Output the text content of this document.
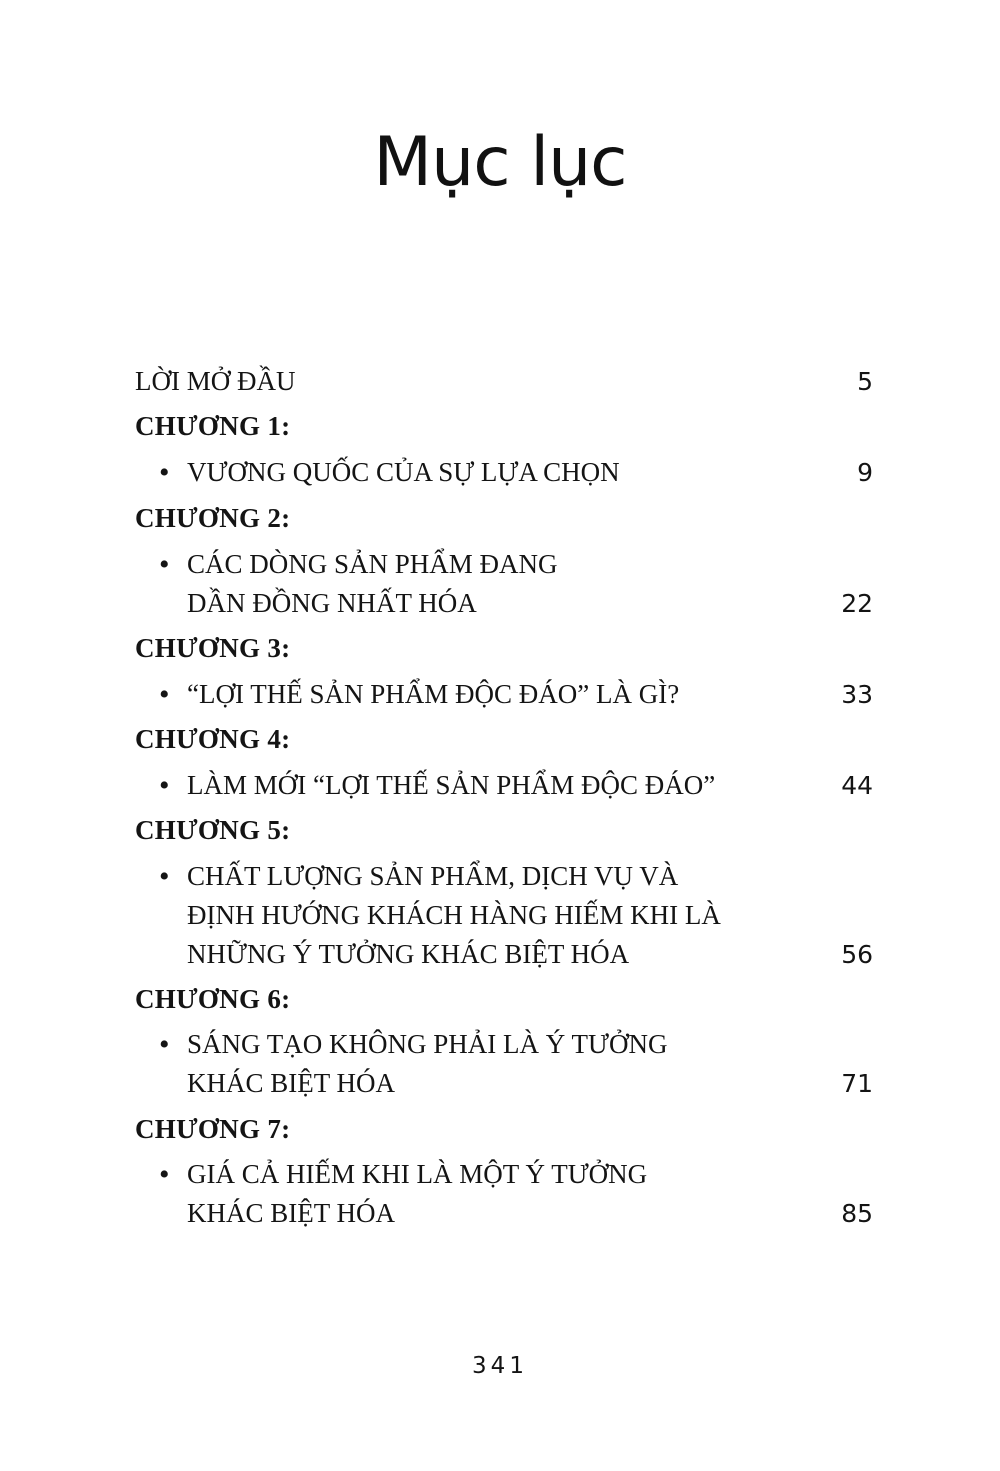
Mục lục
LỜI MỞ ĐẦU	5
CHƯƠNG 1:
• VƯƠNG QUỐC CỦA SỰ LỰA CHỌN	9
CHƯƠNG 2:
• CÁC DÒNG SẢN PHẨM ĐANG
DẦN ĐỒNG NHẤT HÓA	22
CHƯƠNG 3:
• “LỢI THẾ SẢN PHẨM ĐỘC ĐÁO” LÀ GÌ?	33
CHƯƠNG 4:
• LÀM MỚI “LỢI THẾ SẢN PHẨM ĐỘC ĐÁO”	44
CHƯƠNG 5:
• CHẤT LƯỢNG SẢN PHẨM, DỊCH VỤ VÀ
ĐỊNH HƯỚNG KHÁCH HÀNG HIẾM KHI LÀ
NHỮNG Ý TƯỞNG KHÁC BIỆT HÓA	56
CHƯƠNG 6:
• SÁNG TẠO KHÔNG PHẢI LÀ Ý TƯỞNG
KHÁC BIỆT HÓA	71
CHƯƠNG 7:
• GIÁ CẢ HIẾM KHI LÀ MỘT Ý TƯỞNG
KHÁC BIỆT HÓA	85
341
